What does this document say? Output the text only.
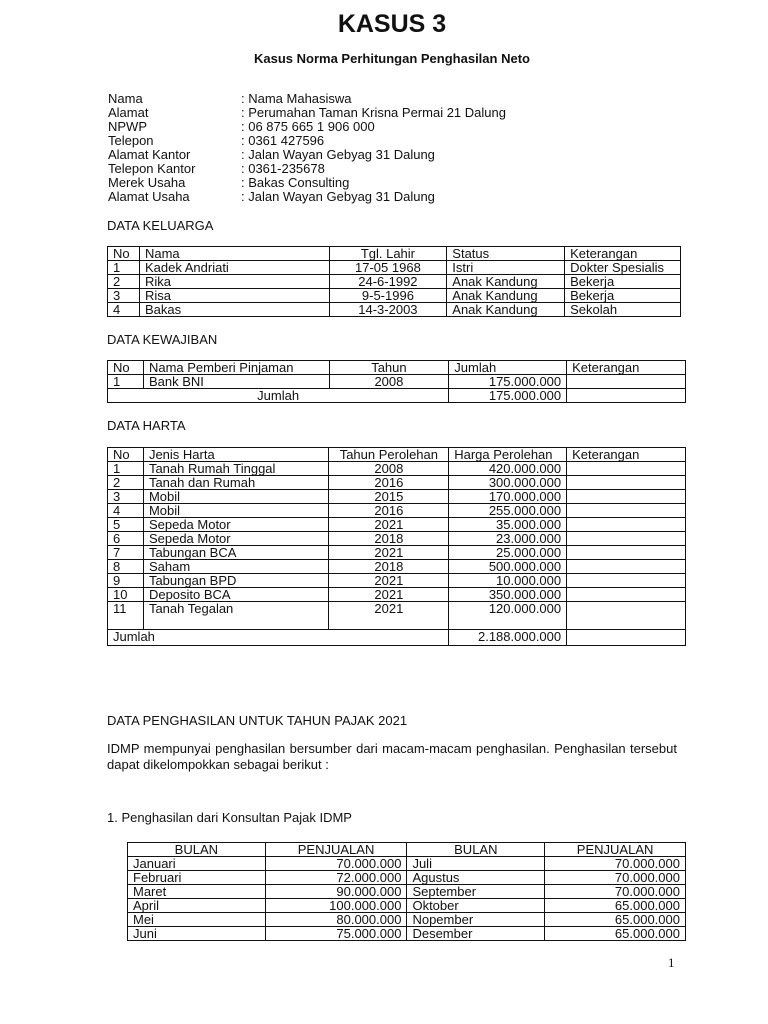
KASUS 3
Kasus Norma Perhitungan Penghasilan Neto
Nama	: Nama Mahasiswa
Alamat	: Perumahan Taman Krisna Permai 21 Dalung
NPWP	: 06 875 665 1 906 000
Telepon	: 0361 427596
Alamat Kantor	: Jalan Wayan Gebyag 31 Dalung
Telepon Kantor	: 0361-235678
Merek Usaha	: Bakas Consulting
Alamat Usaha	: Jalan Wayan Gebyag 31 Dalung
DATA KELUARGA
No	Nama	Tgl. Lahir	Status	Keterangan
1	Kadek Andriati	17-05 1968	Istri	Dokter Spesialis
2	Rika	24-6-1992	Anak Kandung	Bekerja
3	Risa	9-5-1996	Anak Kandung	Bekerja
4	Bakas	14-3-2003	Anak Kandung	Sekolah
DATA KEWAJIBAN
No	Nama Pemberi Pinjaman	Tahun	Jumlah	Keterangan
1	Bank BNI	2008	175.000.000	
Jumlah			175.000.000	
DATA HARTA
No	Jenis Harta	Tahun Perolehan	Harga Perolehan	Keterangan
1	Tanah Rumah Tinggal	2008	420.000.000	
2	Tanah dan Rumah	2016	300.000.000	
3	Mobil	2015	170.000.000	
4	Mobil	2016	255.000.000	
5	Sepeda Motor	2021	35.000.000	
6	Sepeda Motor	2018	23.000.000	
7	Tabungan BCA	2021	25.000.000	
8	Saham	2018	500.000.000	
9	Tabungan BPD	2021	10.000.000	
10	Deposito BCA	2021	350.000.000	
11	Tanah Tegalan	2021	120.000.000	
Jumlah			2.188.000.000	
DATA PENGHASILAN UNTUK TAHUN PAJAK 2021
IDMP mempunyai penghasilan bersumber dari macam-macam penghasilan. Penghasilan tersebut dapat dikelompokkan sebagai berikut :
1. Penghasilan dari Konsultan Pajak IDMP
BULAN	PENJUALAN	BULAN	PENJUALAN
Januari	70.000.000	Juli	70.000.000
Februari	72.000.000	Agustus	70.000.000
Maret	90.000.000	September	70.000.000
April	100.000.000	Oktober	65.000.000
Mei	80.000.000	Nopember	65.000.000
Juni	75.000.000	Desember	65.000.000
1
